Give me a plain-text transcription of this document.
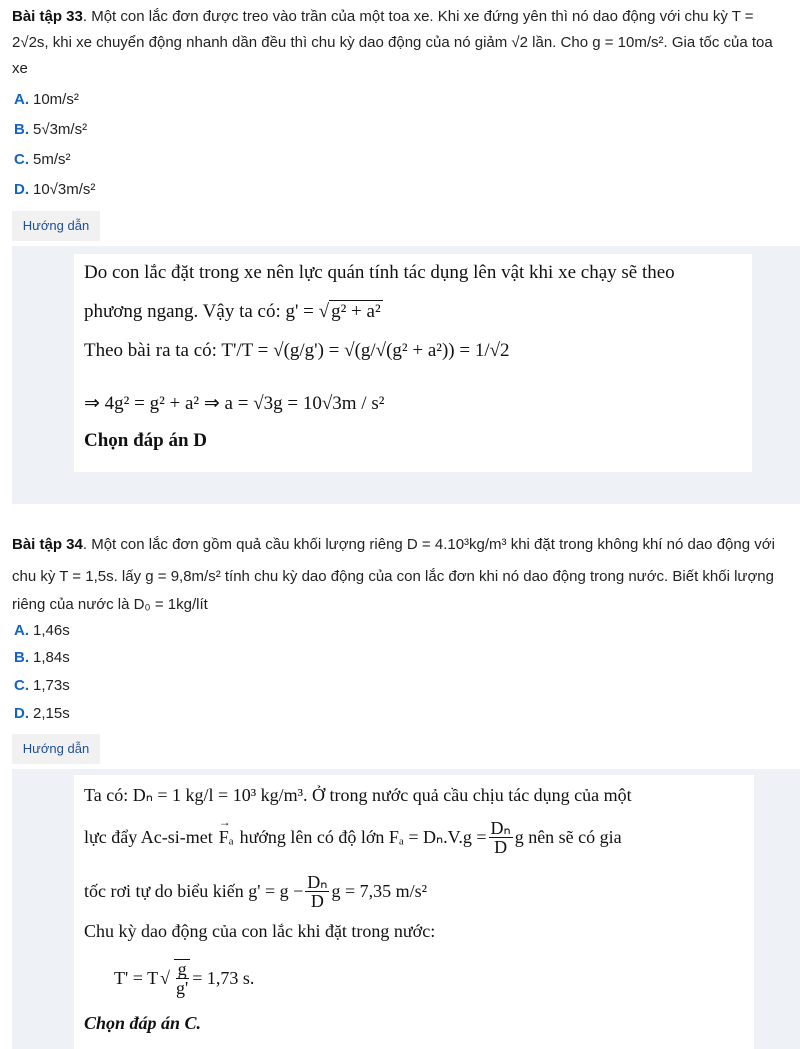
Bài tập 33. Một con lắc đơn được treo vào trần của một toa xe. Khi xe đứng yên thì nó dao động với chu kỳ T =
2√2s, khi xe chuyển động nhanh dần đều thì chu kỳ dao động của nó giảm √2 lần. Cho g = 10m/s². Gia tốc của toa
xe
A. 10m/s²
B. 5√3m/s²
C. 5m/s²
D. 10√3m/s²
Hướng dẫn
Do con lắc đặt trong xe nên lực quán tính tác dụng lên vật khi xe chạy sẽ theo
phương ngang. Vậy ta có: g' = √ g² + a²
Theo bài ra ta có: T'/T = √(g/g') = √(g/√(g² + a²)) = 1/√2
⇒ 4g² = g² + a² ⇒ a = √3g = 10√3m / s²
Chọn đáp án D
Bài tập 34. Một con lắc đơn gồm quả cầu khối lượng riêng D = 4.10³kg/m³ khi đặt trong không khí nó dao động với
chu kỳ T = 1,5s. lấy g = 9,8m/s² tính chu kỳ dao động của con lắc đơn khi nó dao động trong nước. Biết khối lượng
riêng của nước là D₀ = 1kg/lít
A. 1,46s
B. 1,84s
C. 1,73s
D. 2,15s
Hướng dẫn
Ta có: Dₙ = 1 kg/l = 10³ kg/m³. Ở trong nước quả cầu chịu tác dụng của một
lực đẩy Ac-si-met
→
Fₐ hướng lên có độ lớn $F_a = D_n.V.g = \frac{\text{Dₙ}}{D}$ g nên sẽ có gia
tốc rơi tự do biểu kiến $g' = g - \frac{\text{Dₙ}}{D}$ g = 7,35 m/s²
Chu kỳ dao động của con lắc khi đặt trong nước:
T' = T √ $\frac{g}{g'} = 1,73$ s.
Chọn đáp án C.
